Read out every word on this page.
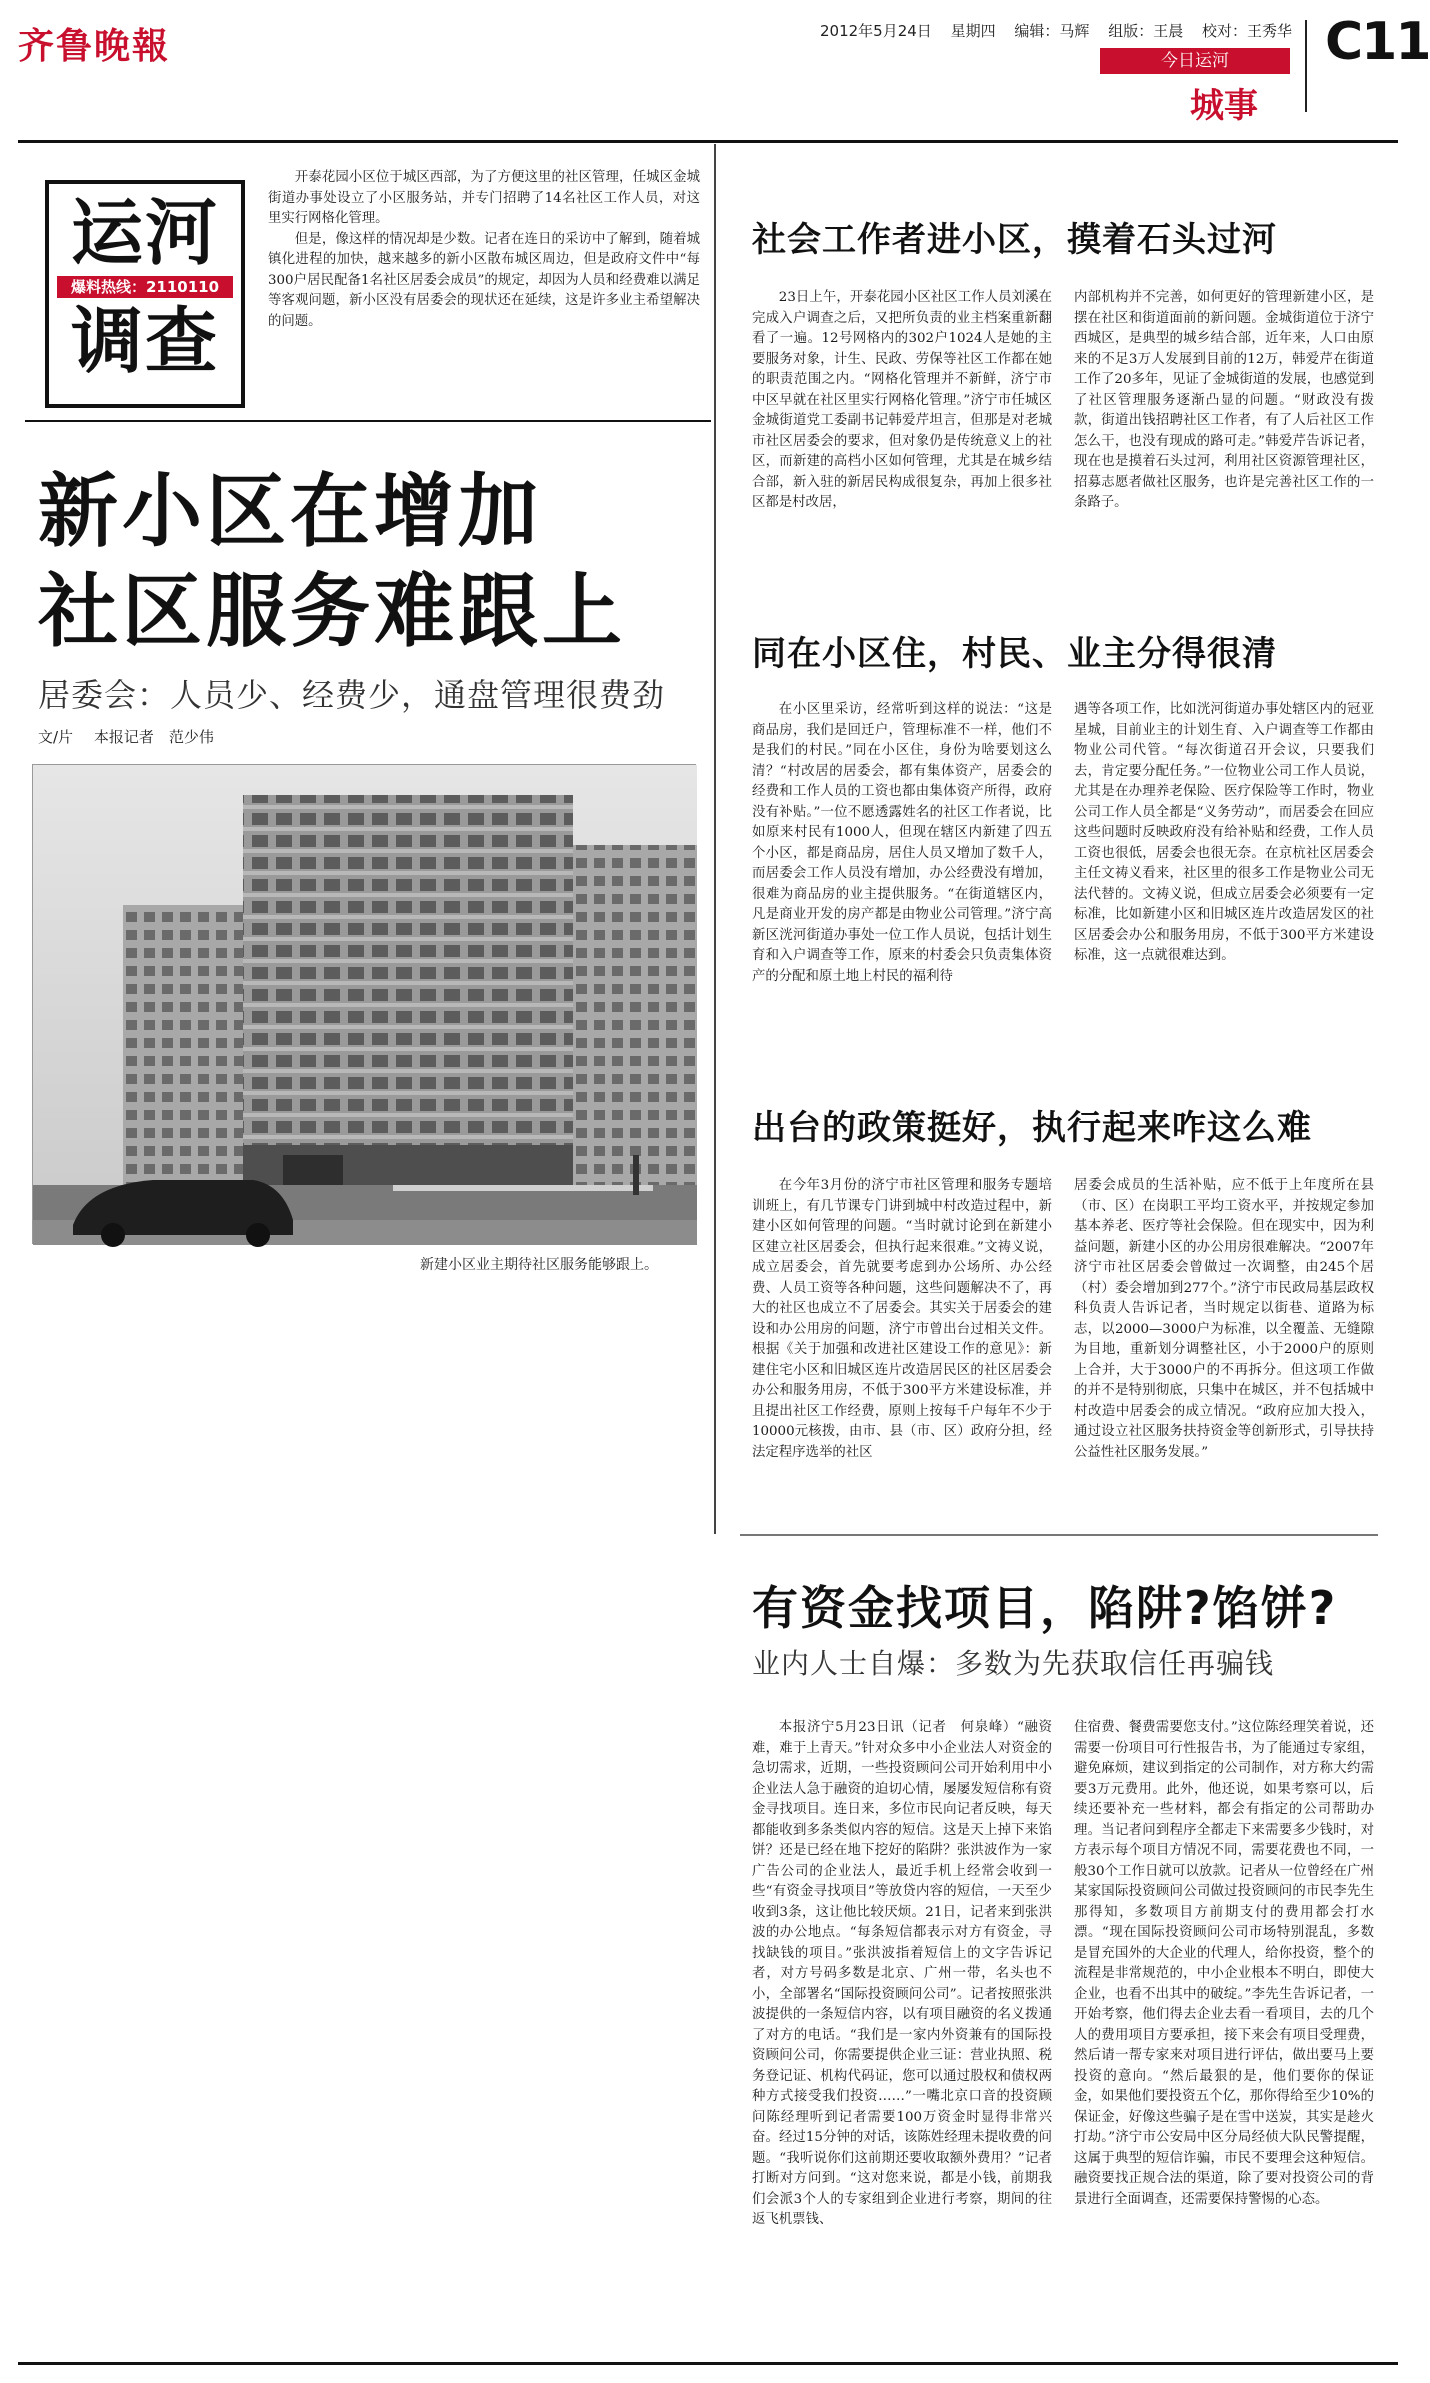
齐鲁晚報	2012年5月24日 星期四 编辑：马辉 组版：王晨 校对：王秀华
今日运河
城事
C11
运河
爆料热线：2110110
调查

开泰花园小区位于城区西部，为了方便这里的社区管理，任城区金城街道办事处设立了小区服务站，并专门招聘了14名社区工作人员，对这里实行网格化管理。

但是，像这样的情况却是少数。记者在连日的采访中了解到，随着城镇化进程的加快，越来越多的新小区散布城区周边，但是政府文件中“每300户居民配备1名社区居委会成员”的规定，却因为人员和经费难以满足等客观问题，新小区没有居委会的现状还在延续，这是许多业主希望解决的问题。

新小区在增加
社区服务难跟上
居委会：人员少、经费少，通盘管理很费劲
文/片 本报记者　范少伟
新建小区业主期待社区服务能够跟上。
社会工作者进小区，摸着石头过河
23日上午，开泰花园小区社区工作人员刘溪在完成入户调查之后，又把所负责的业主档案重新翻看了一遍。12号网格内的302户1024人是她的主要服务对象，计生、民政、劳保等社区工作都在她的职责范围之内。“网格化管理并不新鲜，济宁市中区早就在社区里实行网格化管理。”济宁市任城区金城街道党工委副书记韩爱芹坦言，但那是对老城市社区居委会的要求，但对象仍是传统意义上的社区，而新建的高档小区如何管理，尤其是在城乡结合部，新入驻的新居民构成很复杂，再加上很多社区都是村改居，
内部机构并不完善，如何更好的管理新建小区，是摆在社区和街道面前的新问题。金城街道位于济宁西城区，是典型的城乡结合部，近年来，人口由原来的不足3万人发展到目前的12万，韩爱芹在街道工作了20多年，见证了金城街道的发展，也感觉到了社区管理服务逐渐凸显的问题。“财政没有拨款，街道出钱招聘社区工作者，有了人后社区工作怎么干，也没有现成的路可走。”韩爱芹告诉记者，现在也是摸着石头过河，利用社区资源管理社区，招募志愿者做社区服务，也许是完善社区工作的一条路子。
同在小区住，村民、业主分得很清
在小区里采访，经常听到这样的说法：“这是商品房，我们是回迁户，管理标准不一样，他们不是我们的村民。”同在小区住，身份为啥要划这么清？“村改居的居委会，都有集体资产，居委会的经费和工作人员的工资也都由集体资产所得，政府没有补贴。”一位不愿透露姓名的社区工作者说，比如原来村民有1000人，但现在辖区内新建了四五个小区，都是商品房，居住人员又增加了数千人，而居委会工作人员没有增加，办公经费没有增加，很难为商品房的业主提供服务。“在街道辖区内，凡是商业开发的房产都是由物业公司管理。”济宁高新区洸河街道办事处一位工作人员说，包括计划生育和入户调查等工作，原来的村委会只负责集体资产的分配和原土地上村民的福利待
遇等各项工作，比如洸河街道办事处辖区内的冠亚星城，目前业主的计划生育、入户调查等工作都由物业公司代管。“每次街道召开会议，只要我们去，肯定要分配任务。”一位物业公司工作人员说，尤其是在办理养老保险、医疗保险等工作时，物业公司工作人员全都是“义务劳动”，而居委会在回应这些问题时反映政府没有给补贴和经费，工作人员工资也很低，居委会也很无奈。在京杭社区居委会主任文祷义看来，社区里的很多工作是物业公司无法代替的。文祷义说，但成立居委会必须要有一定标准，比如新建小区和旧城区连片改造居发区的社区居委会办公和服务用房，不低于300平方米建设标准，这一点就很难达到。
出台的政策挺好，执行起来咋这么难
在今年3月份的济宁市社区管理和服务专题培训班上，有几节课专门讲到城中村改造过程中，新建小区如何管理的问题。“当时就讨论到在新建小区建立社区居委会，但执行起来很难。”文祷义说，成立居委会，首先就要考虑到办公场所、办公经费、人员工资等各种问题，这些问题解决不了，再大的社区也成立不了居委会。其实关于居委会的建设和办公用房的问题，济宁市曾出台过相关文件。根据《关于加强和改进社区建设工作的意见》：新建住宅小区和旧城区连片改造居民区的社区居委会办公和服务用房，不低于300平方米建设标准，并且提出社区工作经费，原则上按每千户每年不少于10000元核拨，由市、县（市、区）政府分担，经法定程序选举的社区
居委会成员的生活补贴，应不低于上年度所在县（市、区）在岗职工平均工资水平，并按规定参加基本养老、医疗等社会保险。但在现实中，因为利益问题，新建小区的办公用房很难解决。“2007年济宁市社区居委会曾做过一次调整，由245个居（村）委会增加到277个。”济宁市民政局基层政权科负责人告诉记者，当时规定以街巷、道路为标志，以2000—3000户为标准，以全覆盖、无缝隙为目地，重新划分调整社区，小于2000户的原则上合并，大于3000户的不再拆分。但这项工作做的并不是特别彻底，只集中在城区，并不包括城中村改造中居委会的成立情况。“政府应加大投入，通过设立社区服务扶持资金等创新形式，引导扶持公益性社区服务发展。”
有资金找项目，陷阱?馅饼?
业内人士自爆：多数为先获取信任再骗钱
本报济宁5月23日讯（记者　何泉峰）“融资难，难于上青天。”针对众多中小企业法人对资金的急切需求，近期，一些投资顾问公司开始利用中小企业法人急于融资的迫切心情，屡屡发短信称有资金寻找项目。连日来，多位市民向记者反映，每天都能收到多条类似内容的短信。这是天上掉下来馅饼？还是已经在地下挖好的陷阱？张洪波作为一家广告公司的企业法人，最近手机上经常会收到一些“有资金寻找项目”等放贷内容的短信，一天至少收到3条，这让他比较厌烦。21日，记者来到张洪波的办公地点。“每条短信都表示对方有资金，寻找缺钱的项目。”张洪波指着短信上的文字告诉记者，对方号码多数是北京、广州一带，名头也不小，全部署名“国际投资顾问公司”。记者按照张洪波提供的一条短信内容，以有项目融资的名义拨通了对方的电话。“我们是一家内外资兼有的国际投资顾问公司，你需要提供企业三证：营业执照、税务登记证、机构代码证，您可以通过股权和债权两种方式接受我们投资……”一嘴北京口音的投资顾问陈经理听到记者需要100万资金时显得非常兴奋。经过15分钟的对话，该陈姓经理未提收费的问题。“我听说你们这前期还要收取额外费用？”记者打断对方问到。“这对您来说，都是小钱，前期我们会派3个人的专家组到企业进行考察，期间的往返飞机票钱、
住宿费、餐费需要您支付。”这位陈经理笑着说，还需要一份项目可行性报告书，为了能通过专家组，避免麻烦，建议到指定的公司制作，对方称大约需要3万元费用。此外，他还说，如果考察可以，后续还要补充一些材料，都会有指定的公司帮助办理。当记者问到程序全都走下来需要多少钱时，对方表示每个项目方情况不同，需要花费也不同，一般30个工作日就可以放款。记者从一位曾经在广州某家国际投资顾问公司做过投资顾问的市民李先生那得知，多数项目方前期支付的费用都会打水漂。“现在国际投资顾问公司市场特别混乱，多数是冒充国外的大企业的代理人，给你投资，整个的流程是非常规范的，中小企业根本不明白，即使大企业，也看不出其中的破绽。”李先生告诉记者，一开始考察，他们得去企业去看一看项目，去的几个人的费用项目方要承担，接下来会有项目受理费，然后请一帮专家来对项目进行评估，做出要马上要投资的意向。“然后最狠的是，他们要你的保证金，如果他们要投资五个亿，那你得给至少10%的保证金，好像这些骗子是在雪中送炭，其实是趁火打劫。”济宁市公安局中区分局经侦大队民警提醒，这属于典型的短信诈骗，市民不要理会这种短信。融资要找正规合法的渠道，除了要对投资公司的背景进行全面调查，还需要保持警惕的心态。
